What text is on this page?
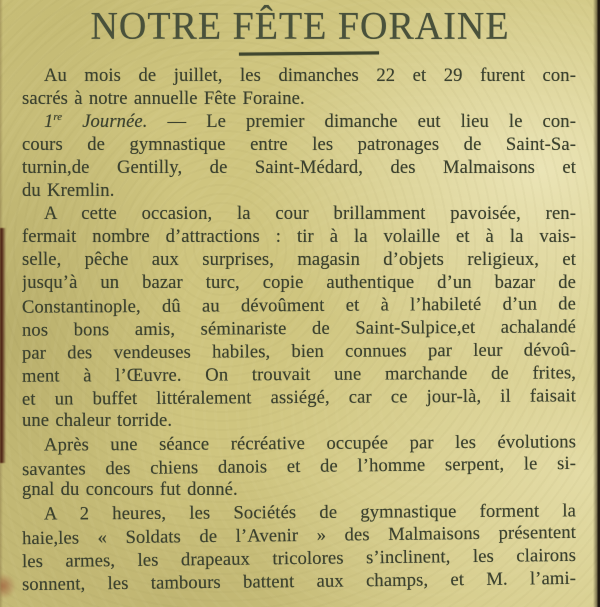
NOTRE FÊTE FORAINE
Au mois de juillet, les dimanches 22 et 29 furent con-
sacrés à notre annuelle Fête Foraine.
1re Journée. — Le premier dimanche eut lieu le con-
cours de gymnastique entre les patronages de Saint-Sa-
turnin,de Gentilly, de Saint-Médard, des Malmaisons et
du Kremlin.
A cette occasion, la cour brillamment pavoisée, ren-
fermait nombre d’attractions : tir à la volaille et à la vais-
selle, pêche aux surprises, magasin d’objets religieux, et
jusqu’à un bazar turc, copie authentique d’un bazar de
Constantinople, dû au dévoûment et à l’habileté d’un de
nos bons amis, séminariste de Saint-Sulpice,et achalandé
par des vendeuses habiles, bien connues par leur dévoû-
ment à l’Œuvre. On trouvait une marchande de frites,
et un buffet littéralement assiégé, car ce jour-là, il faisait
une chaleur torride.
Après une séance récréative occupée par les évolutions
savantes des chiens danois et de l’homme serpent, le si-
gnal du concours fut donné.
A 2 heures, les Sociétés de gymnastique forment la
haie,les « Soldats de l’Avenir » des Malmaisons présentent
les armes, les drapeaux tricolores s’inclinent, les clairons
sonnent, les tambours battent aux champs, et M. l’ami-
